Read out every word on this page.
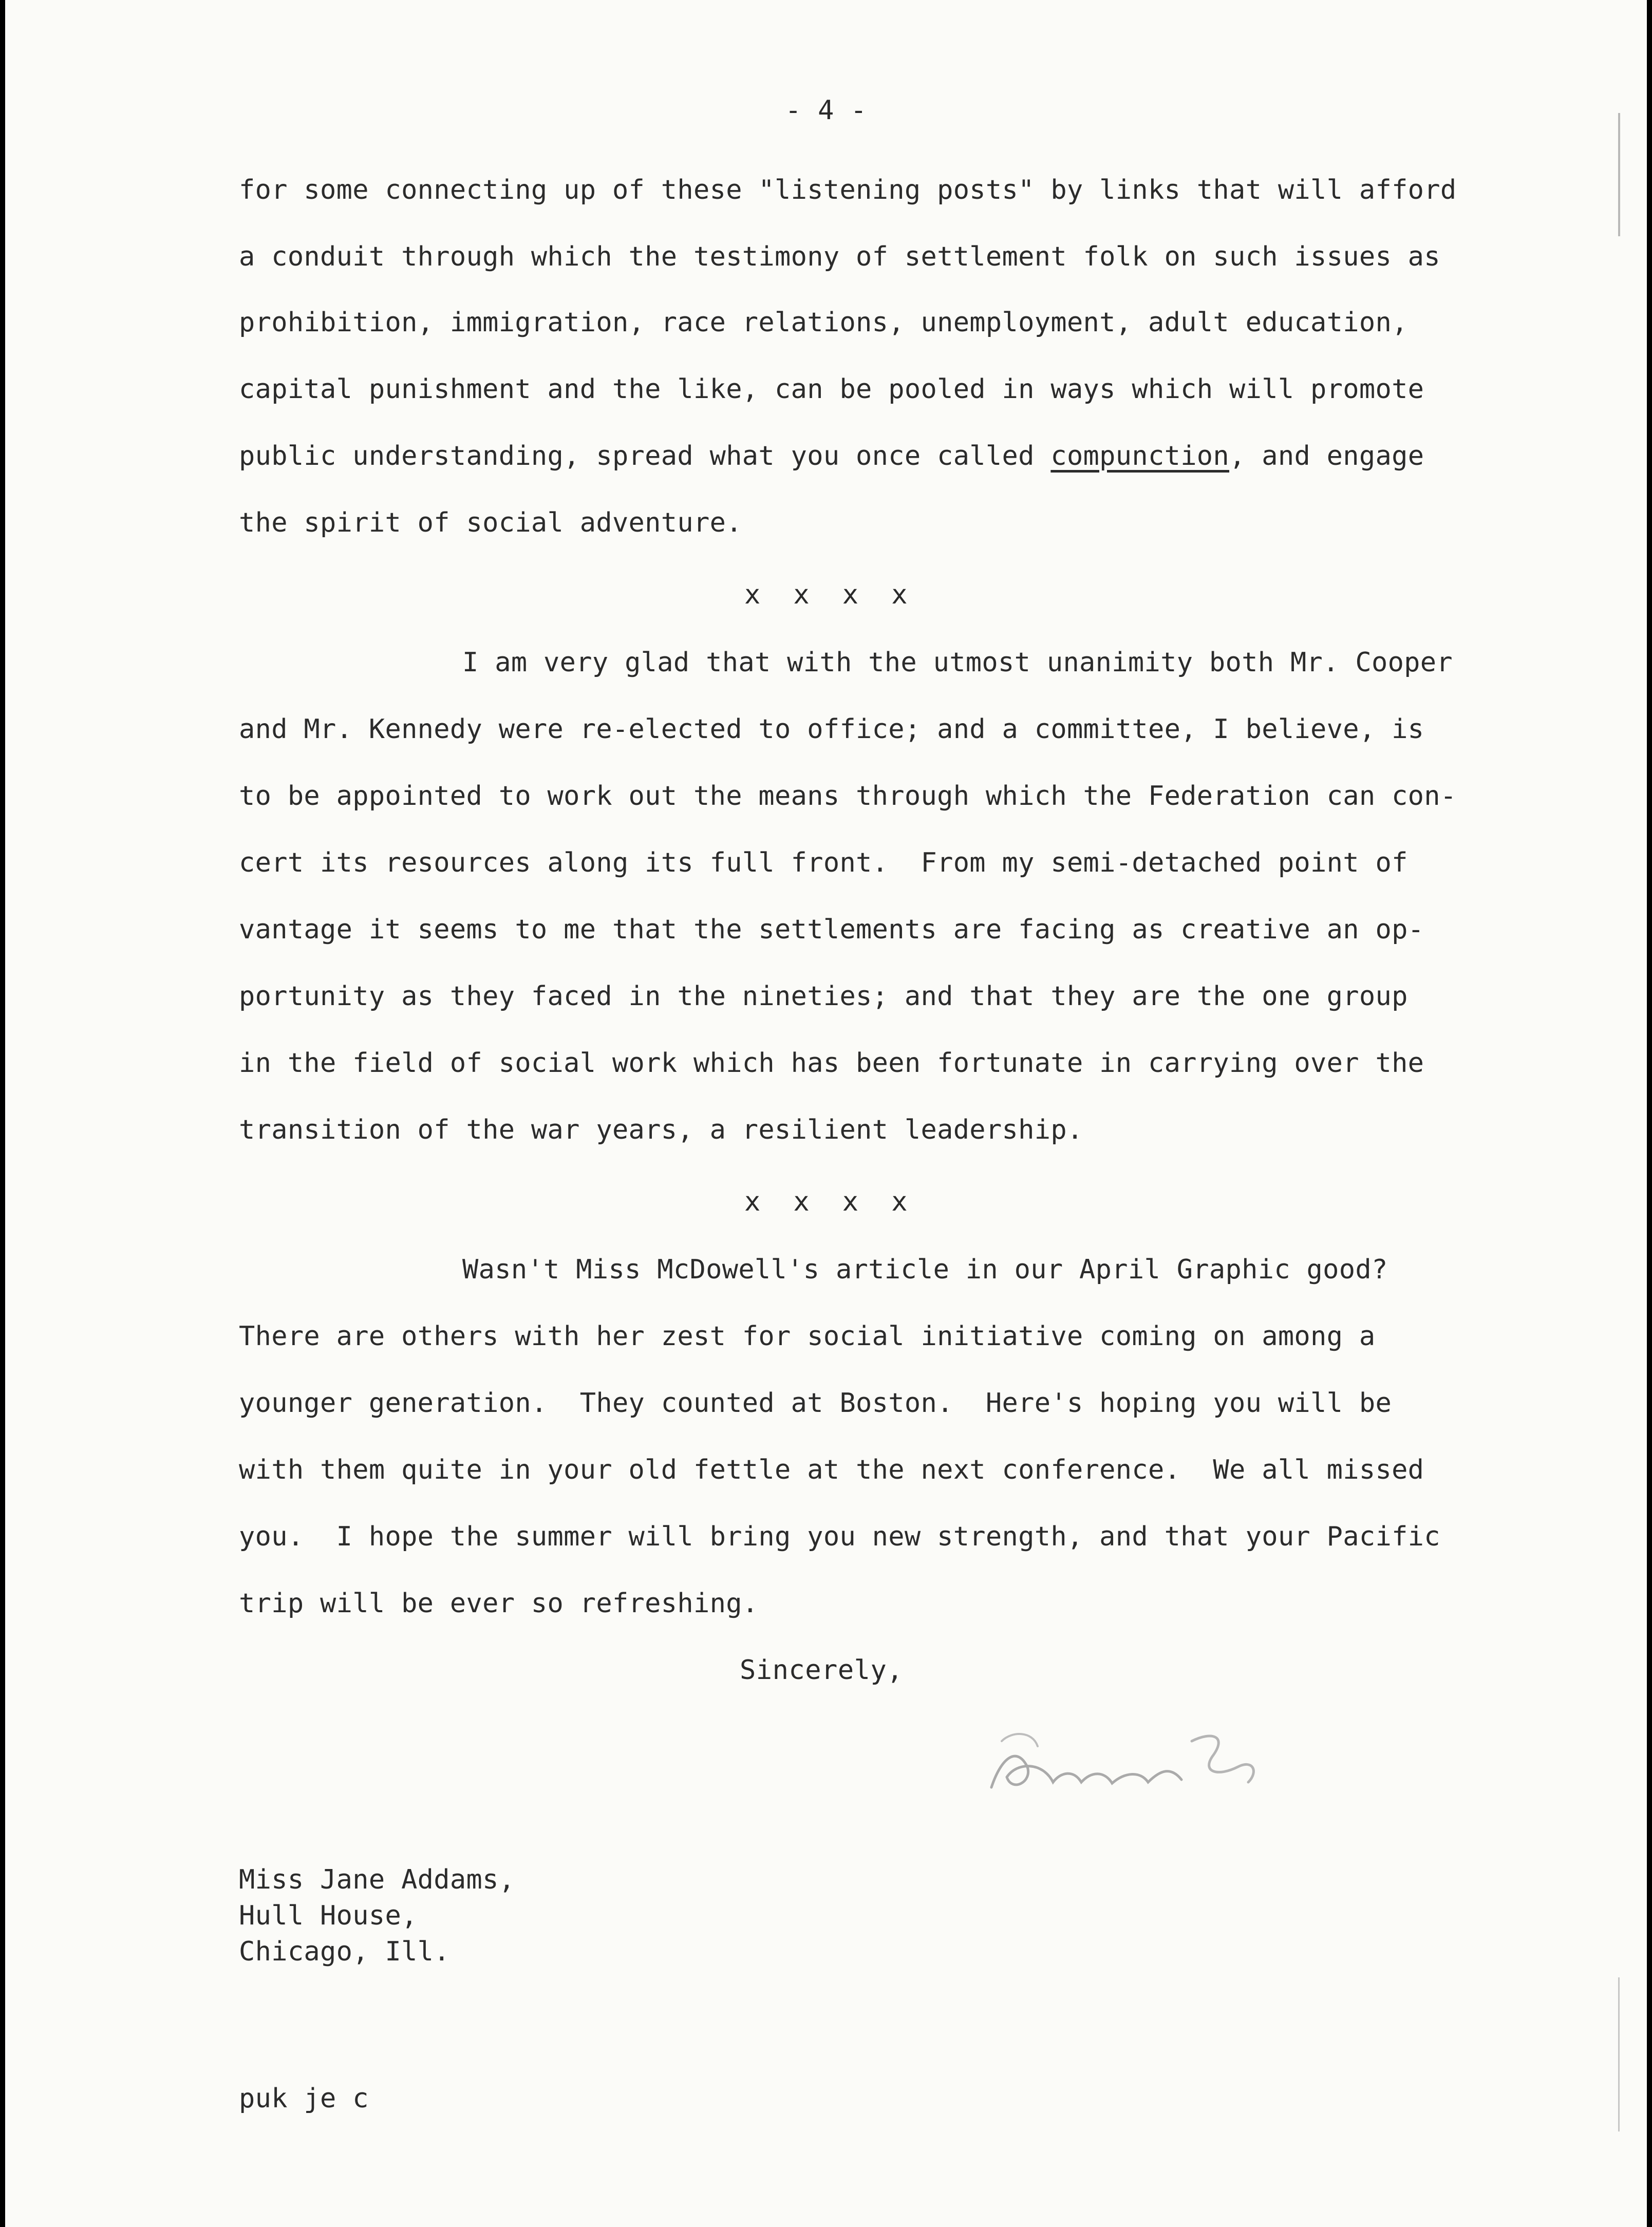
- 4 -
for some connecting up of these "listening posts" by links that will afford
a conduit through which the testimony of settlement folk on such issues as
prohibition, immigration, race relations, unemployment, adult education,
capital punishment and the like, can be pooled in ways which will promote
public understanding, spread what you once called compunction, and engage
the spirit of social adventure.
x  x  x  x
I am very glad that with the utmost unanimity both Mr. Cooper
and Mr. Kennedy were re-elected to office; and a committee, I believe, is
to be appointed to work out the means through which the Federation can con-
cert its resources along its full front.  From my semi-detached point of
vantage it seems to me that the settlements are facing as creative an op-
portunity as they faced in the nineties; and that they are the one group
in the field of social work which has been fortunate in carrying over the
transition of the war years, a resilient leadership.
x  x  x  x
Wasn't Miss McDowell's article in our April Graphic good?
There are others with her zest for social initiative coming on among a
younger generation.  They counted at Boston.  Here's hoping you will be
with them quite in your old fettle at the next conference.  We all missed
you.  I hope the summer will bring you new strength, and that your Pacific
trip will be ever so refreshing.
Sincerely,
Miss Jane Addams,
Hull House,
Chicago, Ill.
puk je c
